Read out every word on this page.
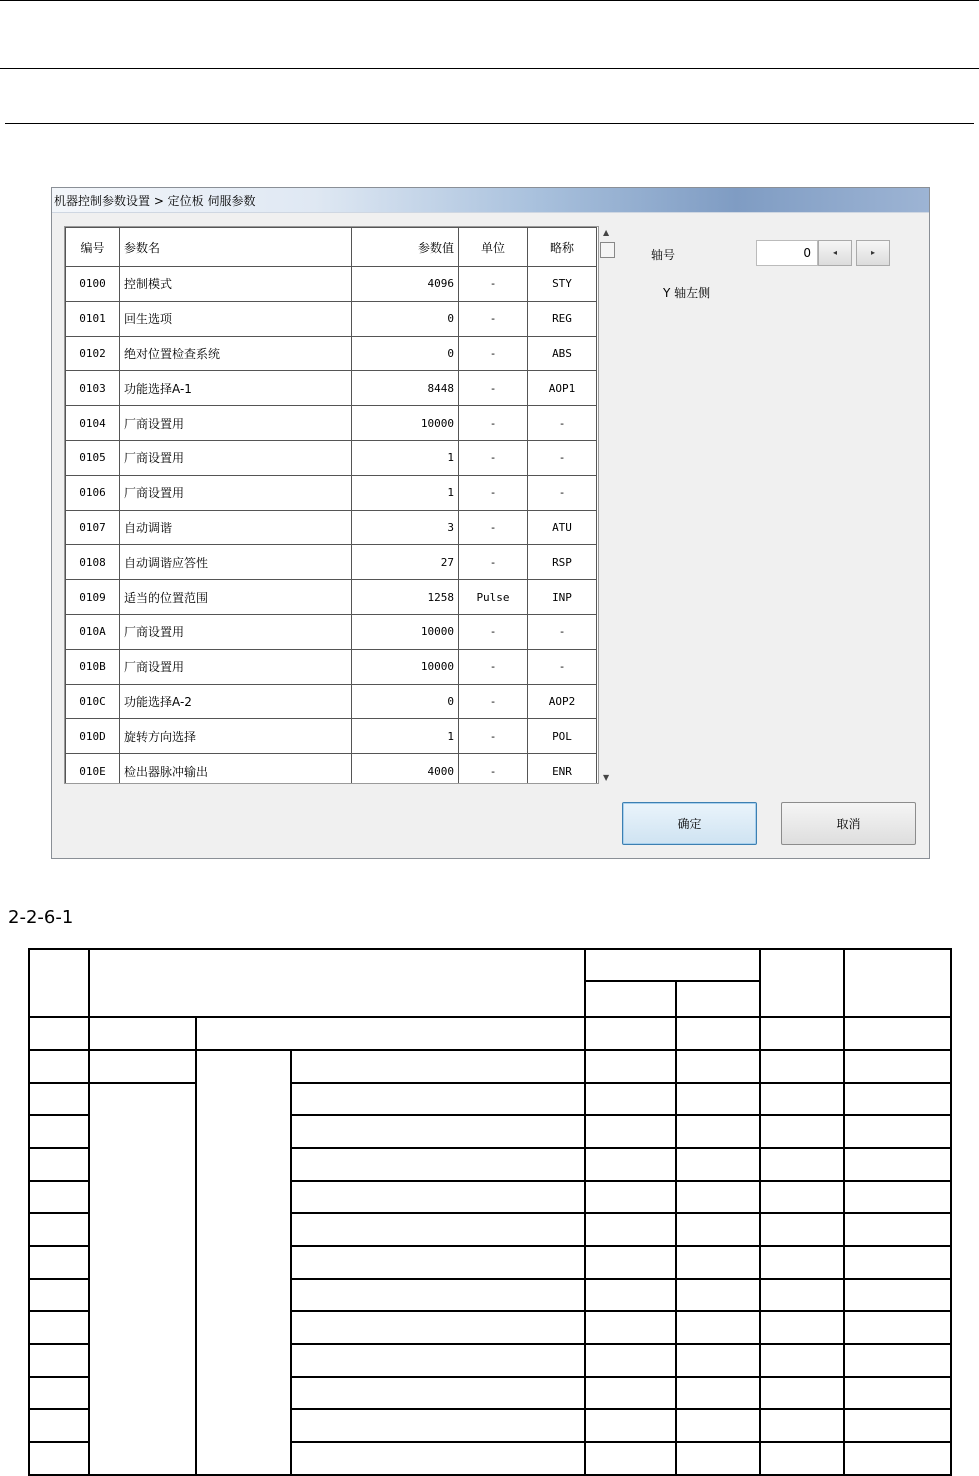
机器控制参数设置 > 定位板 伺服参数
编号	参数名	参数值	单位	略称
0100	控制模式	4096	-	STY
0101	回生选项	0	-	REG
0102	绝对位置检查系统	0	-	ABS
0103	功能选择A-1	8448	-	AOP1
0104	厂商设置用	10000	-	-
0105	厂商设置用	1	-	-
0106	厂商设置用	1	-	-
0107	自动调谐	3	-	ATU
0108	自动调谐应答性	27	-	RSP
0109	适当的位置范围	1258	Pulse	INP
010A	厂商设置用	10000	-	-
010B	厂商设置用	10000	-	-
010C	功能选择A-2	0	-	AOP2
010D	旋转方向选择	1	-	POL
010E	检出器脉冲输出	4000	-	ENR
▲
▼
轴号	0	◂	▸
Y 轴左侧
确定	取消
2-2-6-1
